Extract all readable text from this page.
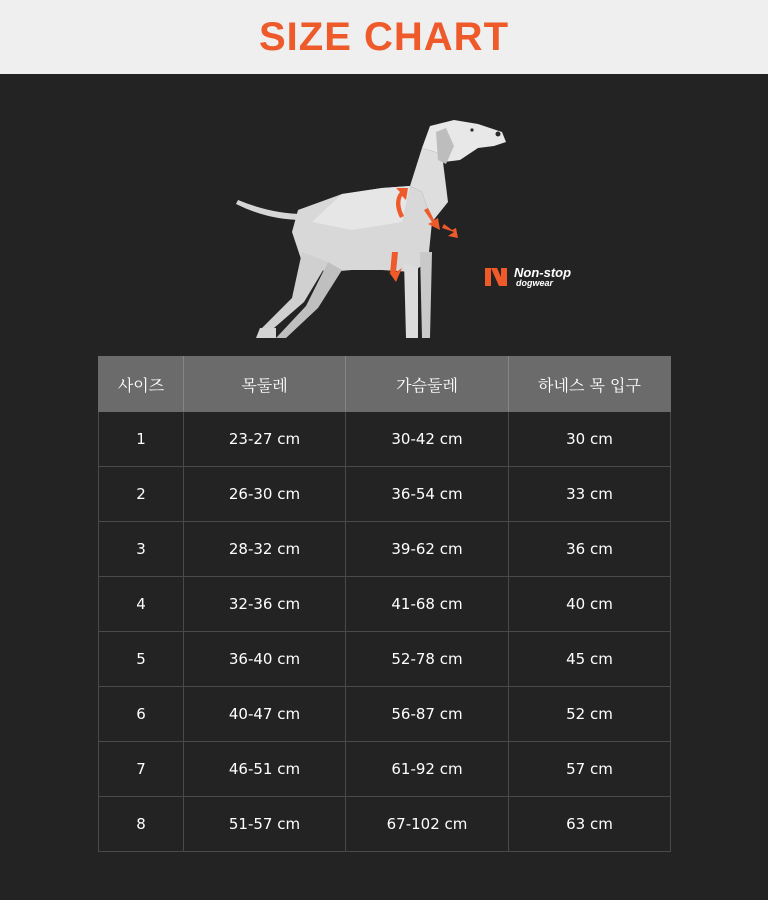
SIZE CHART
Non-stop
dogwear
사이즈	목둘레	가슴둘레	하네스 목 입구
1	23-27 cm	30-42 cm	30 cm
2	26-30 cm	36-54 cm	33 cm
3	28-32 cm	39-62 cm	36 cm
4	32-36 cm	41-68 cm	40 cm
5	36-40 cm	52-78 cm	45 cm
6	40-47 cm	56-87 cm	52 cm
7	46-51 cm	61-92 cm	57 cm
8	51-57 cm	67-102 cm	63 cm
